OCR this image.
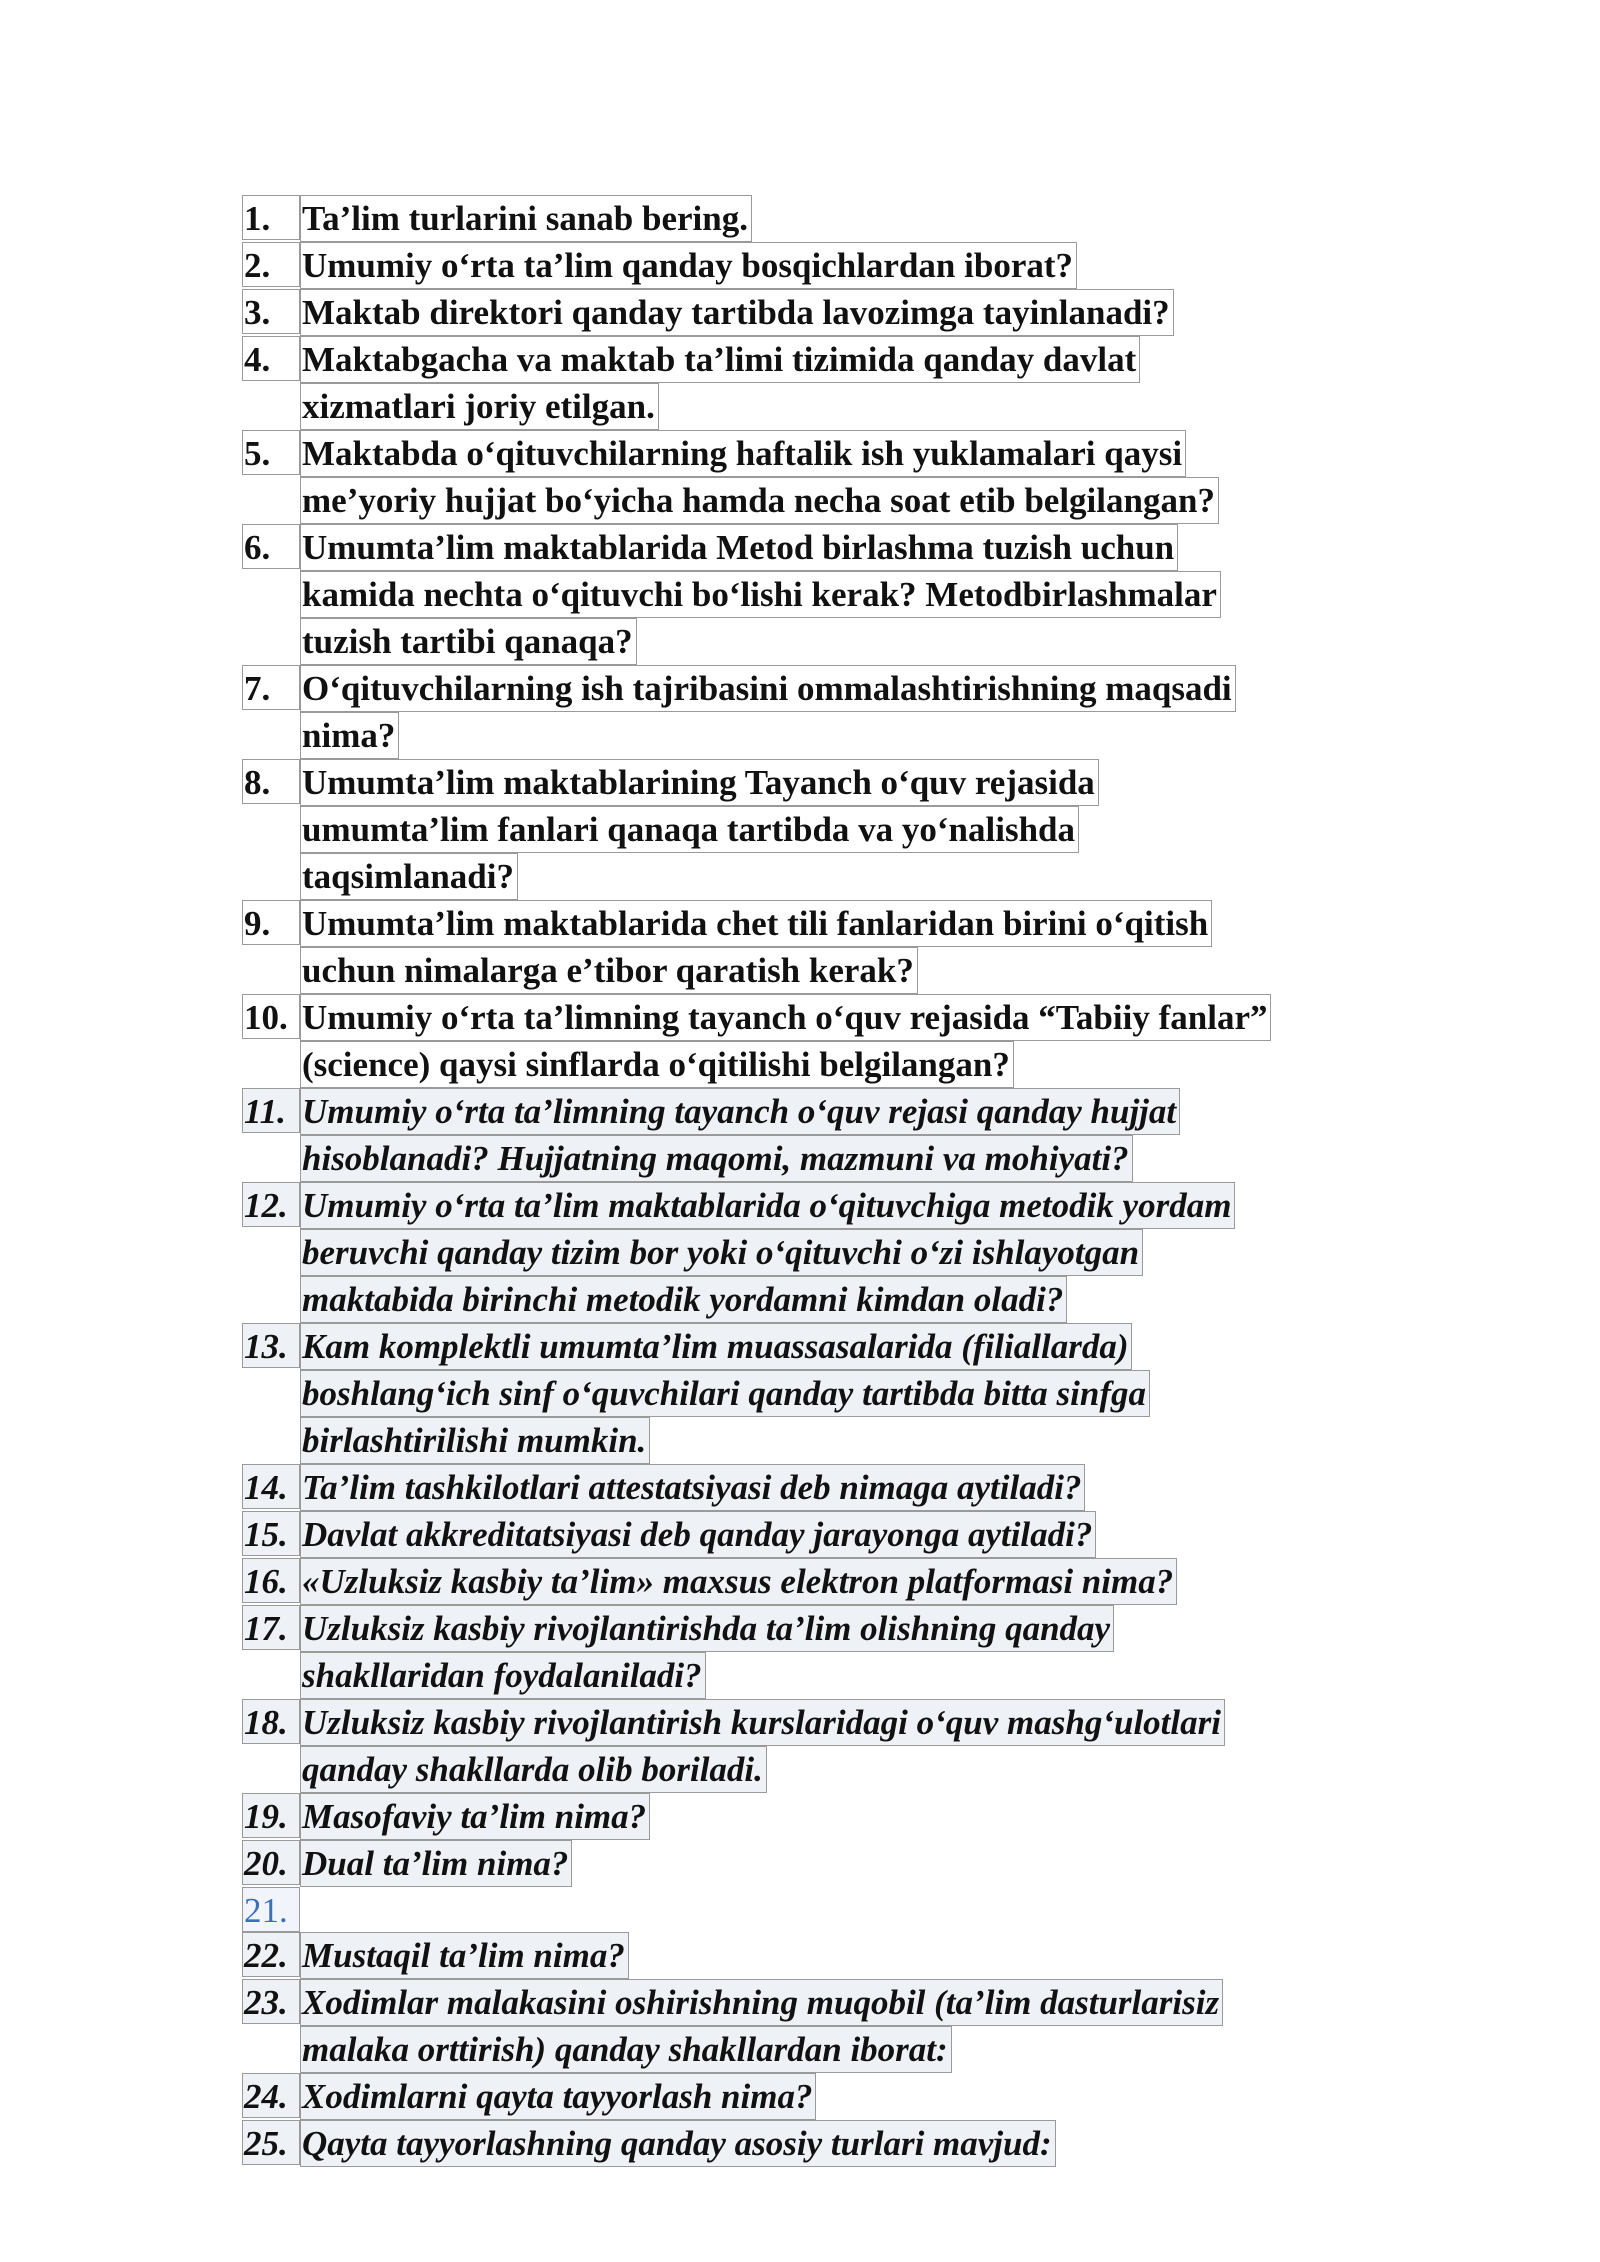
1. Ta’lim turlarini sanab bering.
2. Umumiy o‘rta ta’lim qanday bosqichlardan iborat?
3. Maktab direktori qanday tartibda lavozimga tayinlanadi?
4. Maktabgacha va maktab ta’limi tizimida qanday davlat
xizmatlari joriy etilgan.
5. Maktabda o‘qituvchilarning haftalik ish yuklamalari qaysi
me’yoriy hujjat bo‘yicha hamda necha soat etib belgilangan?
6. Umumta’lim maktablarida Metod birlashma tuzish uchun
kamida nechta o‘qituvchi bo‘lishi kerak? Metodbirlashmalar
tuzish tartibi qanaqa?
7. O‘qituvchilarning ish tajribasini ommalashtirishning maqsadi
nima?
8. Umumta’lim maktablarining Tayanch o‘quv rejasida
umumta’lim fanlari qanaqa tartibda va yo‘nalishda
taqsimlanadi?
9. Umumta’lim maktablarida chet tili fanlaridan birini o‘qitish
uchun nimalarga e’tibor qaratish kerak?
10. Umumiy o‘rta ta’limning tayanch o‘quv rejasida “Tabiiy fanlar”
(science) qaysi sinflarda o‘qitilishi belgilangan?
11. Umumiy o‘rta ta’limning tayanch o‘quv rejasi qanday hujjat
hisoblanadi? Hujjatning maqomi, mazmuni va mohiyati?
12. Umumiy o‘rta ta’lim maktablarida o‘qituvchiga metodik yordam
beruvchi qanday tizim bor yoki o‘qituvchi o‘zi ishlayotgan
maktabida birinchi metodik yordamni kimdan oladi?
13. Kam komplektli umumta’lim muassasalarida (filiallarda)
boshlang‘ich sinf o‘quvchilari qanday tartibda bitta sinfga
birlashtirilishi mumkin.
14. Ta’lim tashkilotlari attestatsiyasi deb nimaga aytiladi?
15. Davlat akkreditatsiyasi deb qanday jarayonga aytiladi?
16. «Uzluksiz kasbiy ta’lim» maxsus elektron platformasi nima?
17. Uzluksiz kasbiy rivojlantirishda ta’lim olishning qanday
shakllaridan foydalaniladi?
18. Uzluksiz kasbiy rivojlantirish kurslaridagi o‘quv mashg‘ulotlari
qanday shakllarda olib boriladi.
19. Masofaviy ta’lim nima?
20. Dual ta’lim nima?
21.
22. Mustaqil ta’lim nima?
23. Xodimlar malakasini oshirishning muqobil (ta’lim dasturlarisiz
malaka orttirish) qanday shakllardan iborat:
24. Xodimlarni qayta tayyorlash nima?
25. Qayta tayyorlashning qanday asosiy turlari mavjud:
